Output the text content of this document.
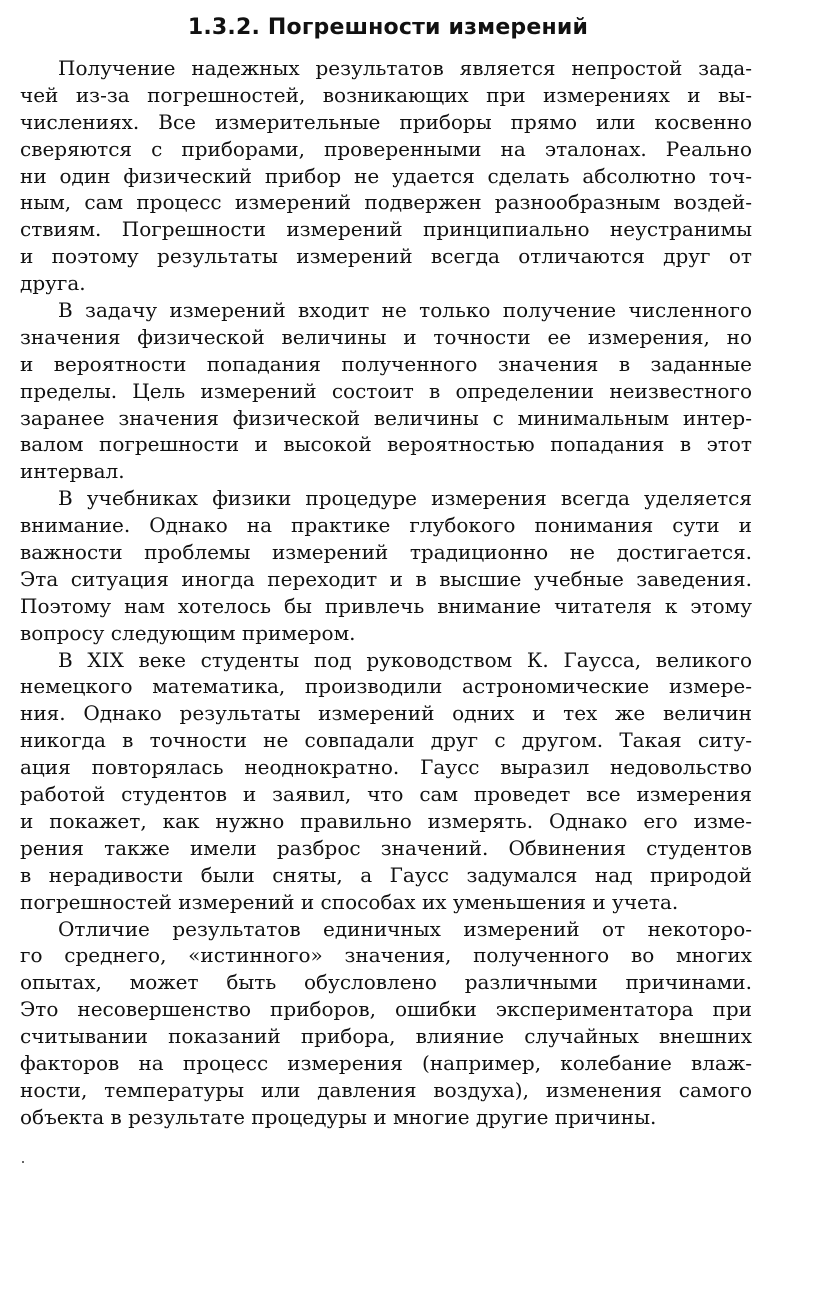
1.3.2. Погрешности измерений
Получение надежных результатов является непростой зада-
чей из-за погрешностей, возникающих при измерениях и вы-
числениях. Все измерительные приборы прямо или косвенно
сверяются с приборами, проверенными на эталонах. Реально
ни один физический прибор не удается сделать абсолютно точ-
ным, сам процесс измерений подвержен разнообразным воздей-
ствиям. Погрешности измерений принципиально неустранимы
и поэтому результаты измерений всегда отличаются друг от
друга.
В задачу измерений входит не только получение численного
значения физической величины и точности ее измерения, но
и вероятности попадания полученного значения в заданные
пределы. Цель измерений состоит в определении неизвестного
заранее значения физической величины с минимальным интер-
валом погрешности и высокой вероятностью попадания в этот
интервал.
В учебниках физики процедуре измерения всегда уделяется
внимание. Однако на практике глубокого понимания сути и
важности проблемы измерений традиционно не достигается.
Эта ситуация иногда переходит и в высшие учебные заведения.
Поэтому нам хотелось бы привлечь внимание читателя к этому
вопросу следующим примером.
В XIX веке студенты под руководством К. Гаусса, великого
немецкого математика, производили астрономические измере-
ния. Однако результаты измерений одних и тех же величин
никогда в точности не совпадали друг с другом. Такая ситу-
ация повторялась неоднократно. Гаусс выразил недовольство
работой студентов и заявил, что сам проведет все измерения
и покажет, как нужно правильно измерять. Однако его изме-
рения также имели разброс значений. Обвинения студентов
в нерадивости были сняты, а Гаусс задумался над природой
погрешностей измерений и способах их уменьшения и учета.
Отличие результатов единичных измерений от некоторо-
го среднего, «истинного» значения, полученного во многих
опытах, может быть обусловлено различными причинами.
Это несовершенство приборов, ошибки экспериментатора при
считывании показаний прибора, влияние случайных внешних
факторов на процесс измерения (например, колебание влаж-
ности, температуры или давления воздуха), изменения самого
объекта в результате процедуры и многие другие причины.
